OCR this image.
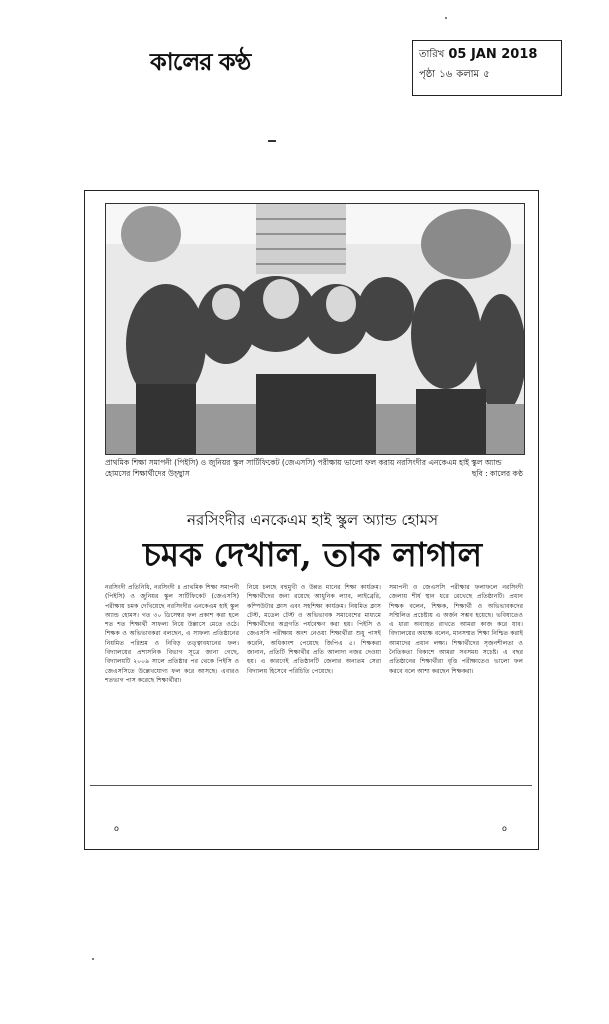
কালের কণ্ঠ	তারিখ 05 JAN 2018
পৃষ্ঠা ১৬ কলাম ৫
প্রাথমিক শিক্ষা সমাপনী (পিইসি) ও জুনিয়র স্কুল সার্টিফিকেট (জেএসসি) পরীক্ষায় ভালো ফল করায় নরসিংদীর এনকেএম হাই স্কুল অ্যান্ড হোমসের শিক্ষার্থীদের উচ্ছ্বাস	ছবি : কালের কণ্ঠ
নরসিংদীর এনকেএম হাই স্কুল অ্যান্ড হোমস
চমক দেখাল, তাক লাগাল
নরসিংদী প্রতিনিধি, নরসিংদী ॥ প্রাথমিক শিক্ষা সমাপনী (পিইসি) ও জুনিয়র স্কুল সার্টিফিকেট (জেএসসি) পরীক্ষায় চমক দেখিয়েছে নরসিংদীর এনকেএম হাই স্কুল অ্যান্ড হোমস। গত ৩০ ডিসেম্বর ফল প্রকাশ করা হলে শত শত শিক্ষার্থী সাফল্য নিয়ে উল্লাসে মেতে ওঠে। শিক্ষক ও অভিভাবকরা বলছেন, এ সাফল্য প্রতিষ্ঠানের নিয়মিত পরিশ্রম ও নিবিড় তত্ত্বাবধানের ফল। বিদ্যালয়ের প্রশাসনিক বিভাগ সূত্রে জানা গেছে, বিদ্যালয়টি ২০০৯ সালে প্রতিষ্ঠার পর থেকে পিইসি ও জেএসসিতে উল্লেখযোগ্য ফল করে আসছে। এবারও শতভাগ পাস করেছে শিক্ষার্থীরা।
নিয়ে চলছে বহুমুখী ও উন্নত মানের শিক্ষা কার্যক্রম। শিক্ষার্থীদের জন্য রয়েছে আধুনিক ল্যাব, লাইব্রেরি, কম্পিউটার ক্লাস এবং সহশিক্ষা কার্যক্রম। নিয়মিত ক্লাস টেস্ট, মডেল টেস্ট ও অভিভাবক সমাবেশের মাধ্যমে শিক্ষার্থীদের অগ্রগতি পর্যবেক্ষণ করা হয়। পিইসি ও জেএসসি পরীক্ষায় অংশ নেওয়া শিক্ষার্থীরা শুধু পাসই করেনি, অধিকাংশ পেয়েছে জিপিএ ৫। শিক্ষকরা জানান, প্রতিটি শিক্ষার্থীর প্রতি আলাদা নজর দেওয়া হয়। এ কারণেই প্রতিষ্ঠানটি জেলার অন্যতম সেরা বিদ্যালয় হিসেবে পরিচিতি পেয়েছে।
সমাপনী ও জেএসসি পরীক্ষার ফলাফলে নরসিংদী জেলায় শীর্ষ স্থান ধরে রেখেছে প্রতিষ্ঠানটি। প্রধান শিক্ষক বলেন, শিক্ষক, শিক্ষার্থী ও অভিভাবকদের সম্মিলিত প্রচেষ্টায় এ অর্জন সম্ভব হয়েছে। ভবিষ্যতেও এ ধারা অব্যাহত রাখতে আমরা কাজ করে যাব। বিদ্যালয়ের অধ্যক্ষ বলেন, মানসম্মত শিক্ষা নিশ্চিত করাই আমাদের প্রধান লক্ষ্য। শিক্ষার্থীদের সৃজনশীলতা ও নৈতিকতা বিকাশে আমরা সবসময় সচেষ্ট। এ বছর প্রতিষ্ঠানের শিক্ষার্থীরা বৃত্তি পরীক্ষাতেও ভালো ফল করবে বলে আশা করছেন শিক্ষকরা।
o	o
